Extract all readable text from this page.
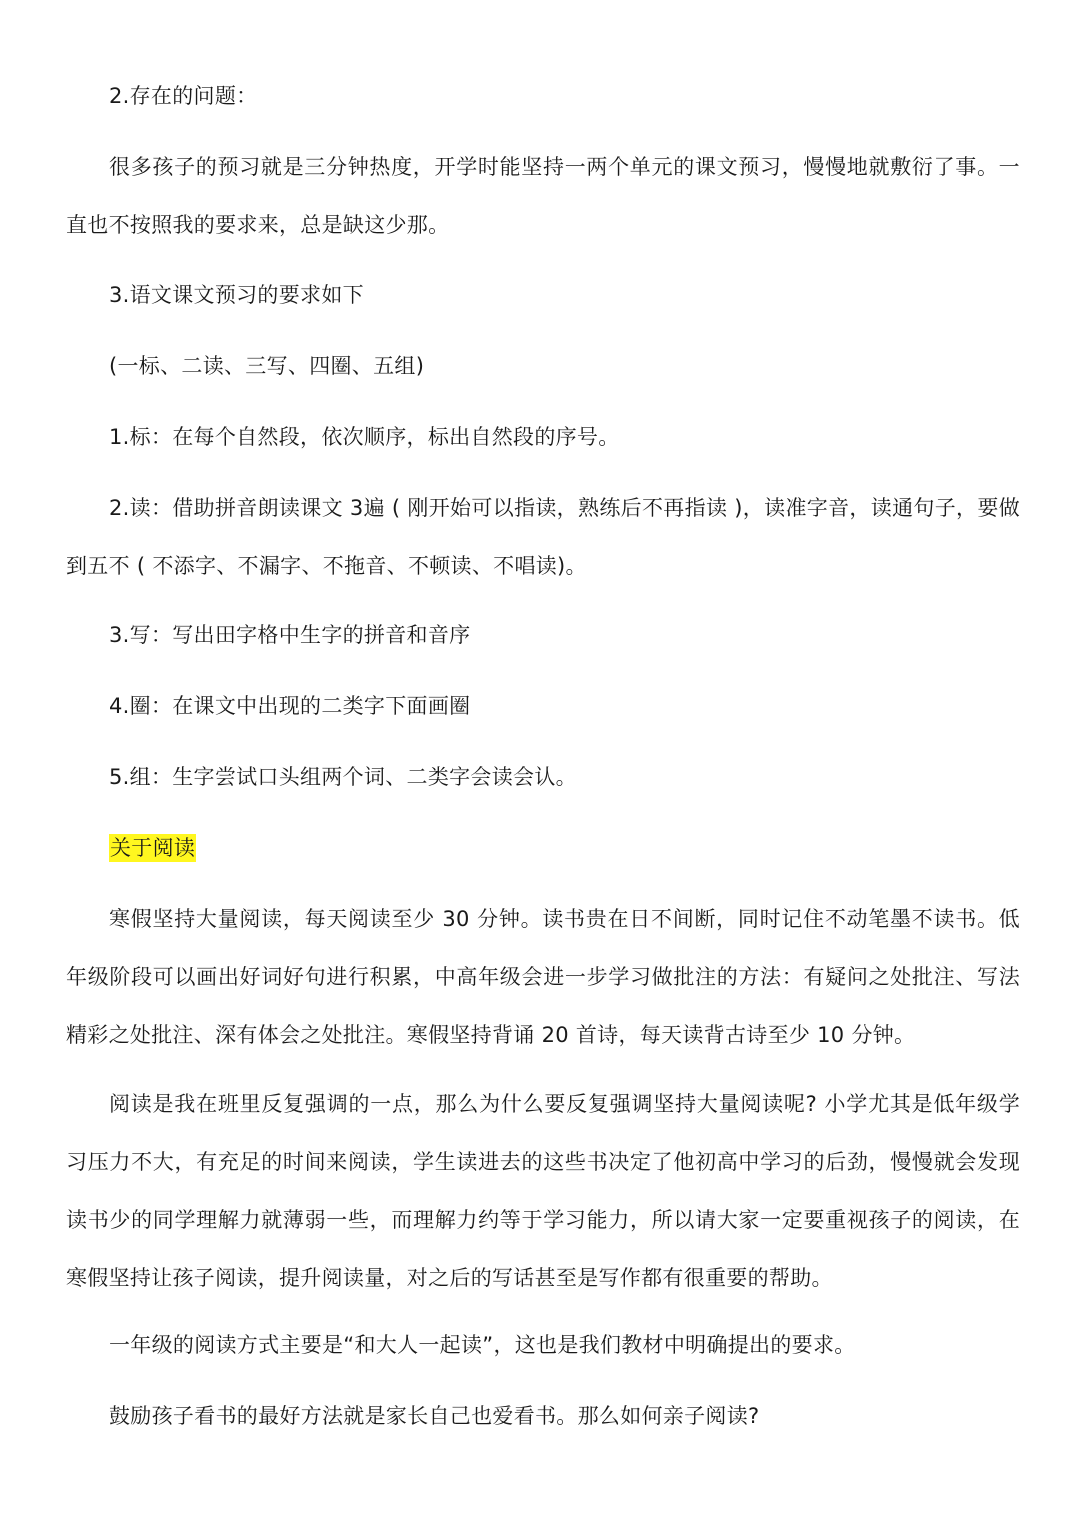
2.存在的问题：

很多孩子的预习就是三分钟热度，开学时能坚持一两个单元的课文预习，慢慢地就敷衍了事。一直也不按照我的要求来，总是缺这少那。

3.语文课文预习的要求如下

(一标、二读、三写、四圈、五组)

1.标：在每个自然段，依次顺序，标出自然段的序号。

2.读：借助拼音朗读课文 3遍 ( 刚开始可以指读，熟练后不再指读 )，读准字音，读通句子，要做到五不 ( 不添字、不漏字、不拖音、不顿读、不唱读)。

3.写：写出田字格中生字的拼音和音序

4.圈：在课文中出现的二类字下面画圈

5.组：生字尝试口头组两个词、二类字会读会认。

关于阅读

寒假坚持大量阅读，每天阅读至少 30 分钟。读书贵在日不间断，同时记住不动笔墨不读书。低年级阶段可以画出好词好句进行积累，中高年级会进一步学习做批注的方法：有疑问之处批注、写法精彩之处批注、深有体会之处批注。寒假坚持背诵 20 首诗，每天读背古诗至少 10 分钟。

阅读是我在班里反复强调的一点，那么为什么要反复强调坚持大量阅读呢? 小学尤其是低年级学习压力不大，有充足的时间来阅读，学生读进去的这些书决定了他初高中学习的后劲，慢慢就会发现读书少的同学理解力就薄弱一些，而理解力约等于学习能力，所以请大家一定要重视孩子的阅读，在寒假坚持让孩子阅读，提升阅读量，对之后的写话甚至是写作都有很重要的帮助。

一年级的阅读方式主要是“和大人一起读”，这也是我们教材中明确提出的要求。

鼓励孩子看书的最好方法就是家长自己也爱看书。那么如何亲子阅读?
